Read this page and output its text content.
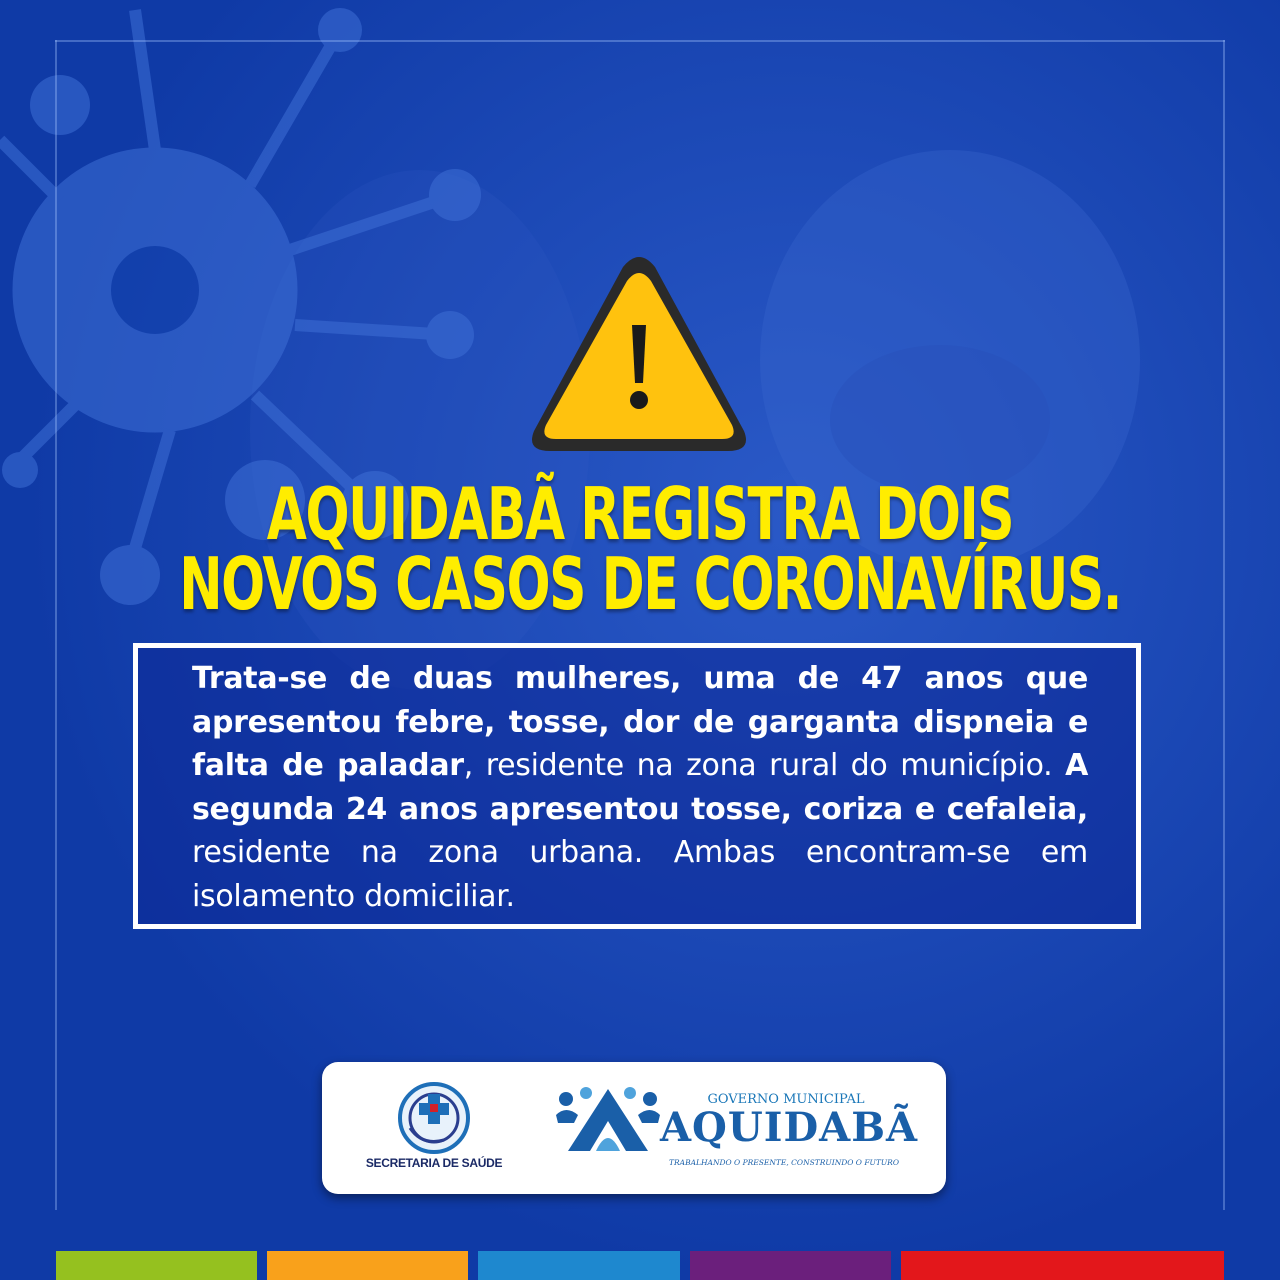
AQUIDABÃ REGISTRA DOIS
NOVOS CASOS DE CORONAVÍRUS.

Trata-se de duas mulheres, uma de 47 anos que apresentou febre, tosse, dor de garganta dispneia e falta de paladar, residente na zona rural do município. A segunda 24 anos apresentou tosse, coriza e cefaleia, residente na zona urbana. Ambas encontram-se em isolamento domiciliar.

SECRETARIA DE SAÚDE
GOVERNO MUNICIPAL
AQUIDABÃ
TRABALHANDO O PRESENTE, CONSTRUINDO O FUTURO
